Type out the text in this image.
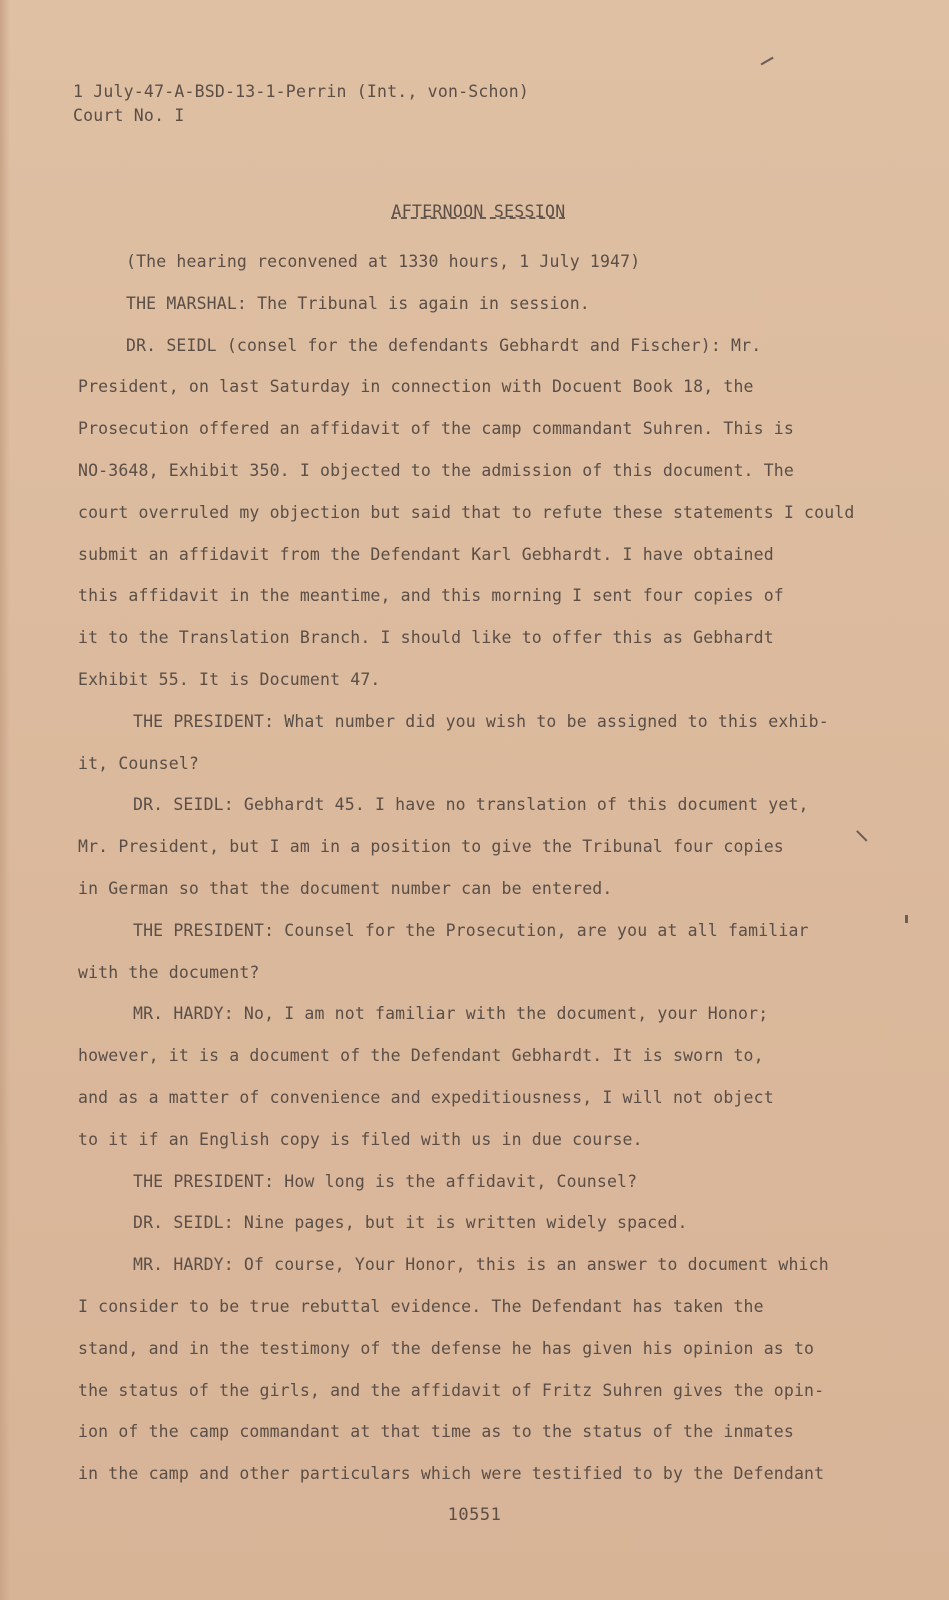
1 July-47-A-BSD-13-1-Perrin (Int., von-Schon)
Court No. I
AFTERNOON SESSION
(The hearing reconvened at 1330 hours, 1 July 1947)
THE MARSHAL: The Tribunal is again in session.
DR. SEIDL (consel for the defendants Gebhardt and Fischer): Mr.
President, on last Saturday in connection with Docuent Book 18, the
Prosecution offered an affidavit of the camp commandant Suhren. This is
NO-3648, Exhibit 350. I objected to the admission of this document. The
court overruled my objection but said that to refute these statements I could
submit an affidavit from the Defendant Karl Gebhardt. I have obtained
this affidavit in the meantime, and this morning I sent four copies of
it to the Translation Branch. I should like to offer this as Gebhardt
Exhibit 55. It is Document 47.
THE PRESIDENT: What number did you wish to be assigned to this exhib-
it, Counsel?
DR. SEIDL: Gebhardt 45. I have no translation of this document yet,
Mr. President, but I am in a position to give the Tribunal four copies
in German so that the document number can be entered.
THE PRESIDENT: Counsel for the Prosecution, are you at all familiar
with the document?
MR. HARDY: No, I am not familiar with the document, your Honor;
however, it is a document of the Defendant Gebhardt. It is sworn to,
and as a matter of convenience and expeditiousness, I will not object
to it if an English copy is filed with us in due course.
THE PRESIDENT: How long is the affidavit, Counsel?
DR. SEIDL: Nine pages, but it is written widely spaced.
MR. HARDY: Of course, Your Honor, this is an answer to document which
I consider to be true rebuttal evidence. The Defendant has taken the
stand, and in the testimony of the defense he has given his opinion as to
the status of the girls, and the affidavit of Fritz Suhren gives the opin-
ion of the camp commandant at that time as to the status of the inmates
in the camp and other particulars which were testified to by the Defendant
10551
